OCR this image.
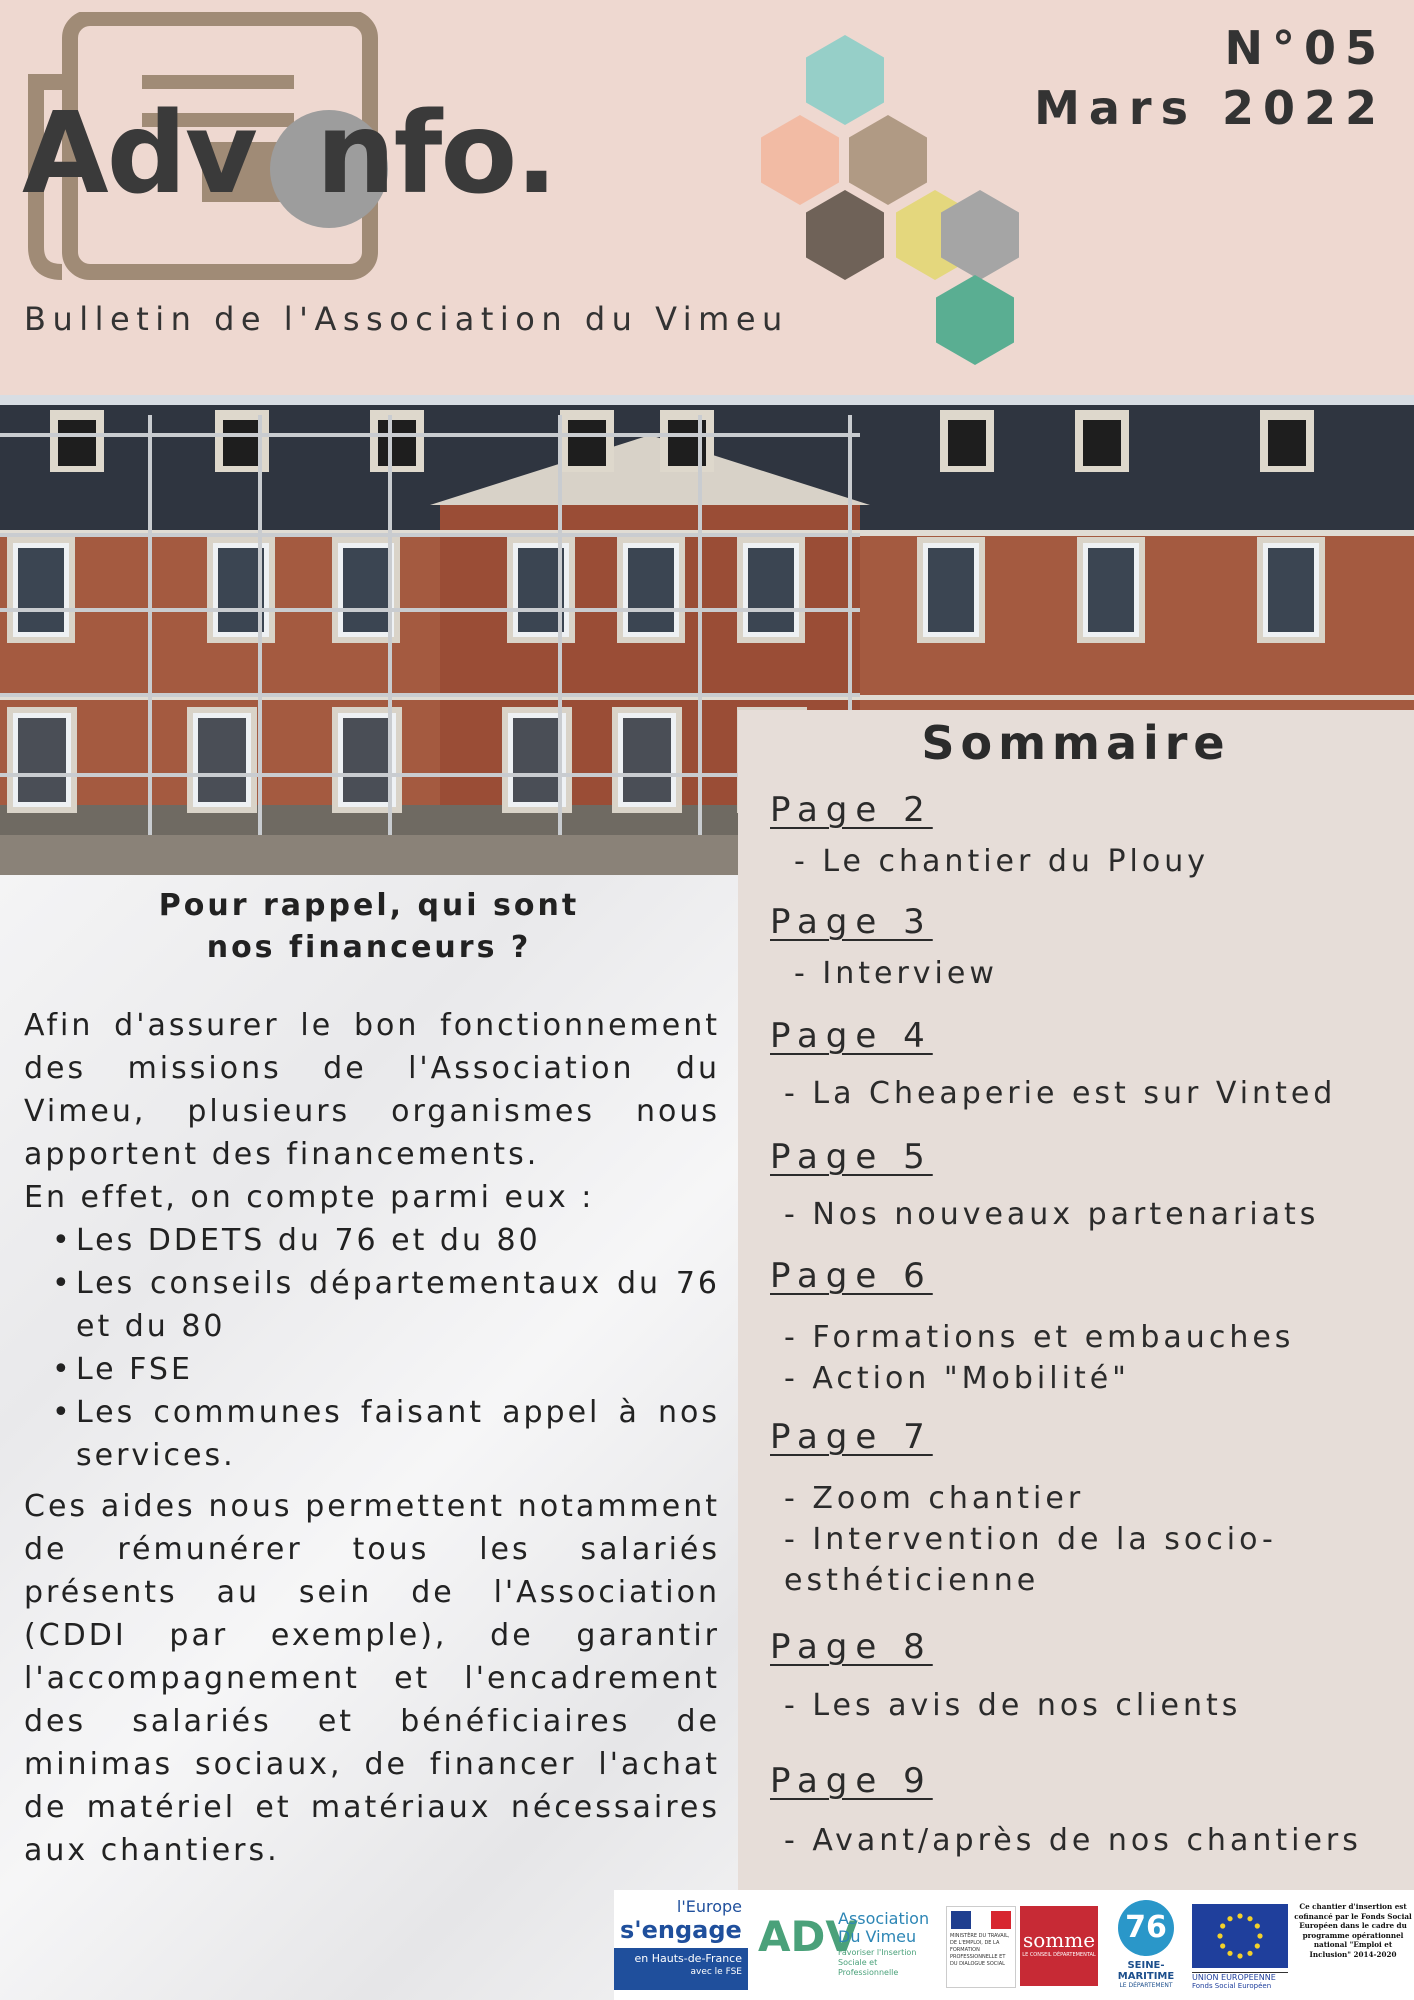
Adv nfo.
Bulletin de l'Association du Vimeu
N°05
Mars 2022
Pour rappel, qui sont
nos financeurs ?

Afin d'assurer le bon fonctionnement des missions de l'Association du Vimeu, plusieurs organismes nous apportent des financements.

En effet, on compte parmi eux :

• Les DDETS du 76 et du 80
• Les conseils départementaux du 76 et du 80
• Le FSE
• Les communes faisant appel à nos services.

Ces aides nous permettent notamment de rémunérer tous les salariés présents au sein de l'Association (CDDI par exemple), de garantir l'accompagnement et l'encadrement des salariés et bénéficiaires de minimas sociaux, de financer l'achat de matériel et matériaux nécessaires aux chantiers.

Sommaire
Page 2
- Le chantier du Plouy
Page 3
- Interview
Page 4
- La Cheaperie est sur Vinted
Page 5
- Nos nouveaux partenariats
Page 6
- Formations et embauches
- Action "Mobilité"
Page 7
- Zoom chantier
- Intervention de la socio-
esthéticienne
Page 8
- Les avis de nos clients
Page 9
- Avant/après de nos chantiers
l'Europe
s'engage
en Hauts-de-France
avec le FSE
ADV
Association
Du Vimeu
Favoriser l'Insertion Sociale et Professionnelle
MINISTÈRE DU TRAVAIL, DE L'EMPLOI, DE LA FORMATION PROFESSIONNELLE ET DU DIALOGUE SOCIAL
somme
LE CONSEIL DÉPARTEMENTAL
76
SEINE-MARITIME
LE DÉPARTEMENT
UNION EUROPEENNE
Fonds Social Européen
Ce chantier d'insertion est cofinancé par le Fonds Social Européen dans le cadre du programme opérationnel national "Emploi et Inclusion" 2014-2020
